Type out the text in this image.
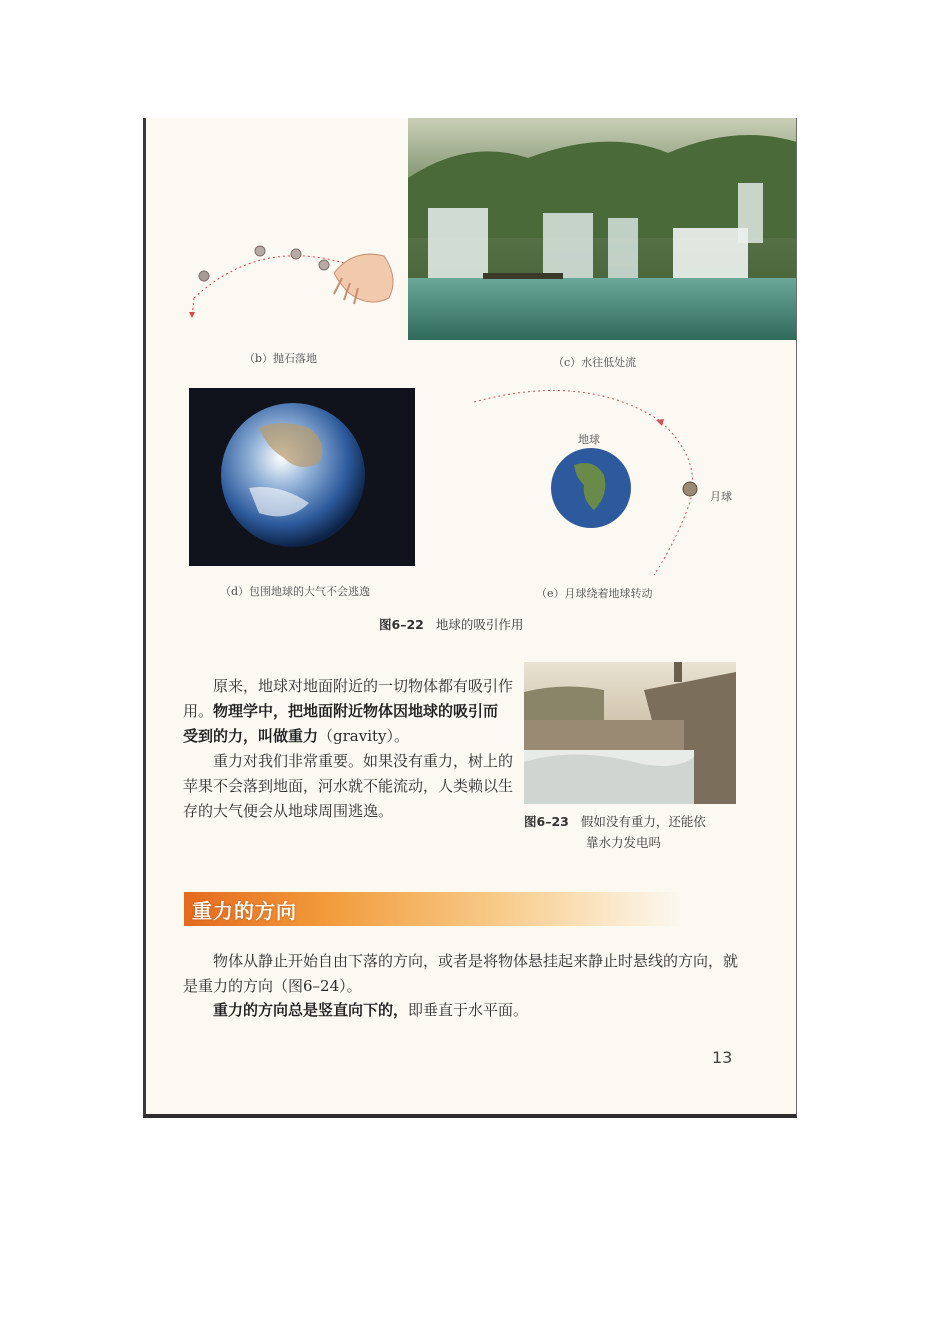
（b）抛石落地	（c）水往低处流
（d）包围地球的大气不会逃逸
地球
月球
（e）月球绕着地球转动
图6–22 地球的吸引作用
原来，地球对地面附近的一切物体都有吸引作用。物理学中，把地面附近物体因地球的吸引而受到的力，叫做重力（gravity）。
重力对我们非常重要。如果没有重力，树上的苹果不会落到地面，河水就不能流动，人类赖以生存的大气便会从地球周围逃逸。
图6–23 假如没有重力，还能依
靠水力发电吗
重力的方向
物体从静止开始自由下落的方向，或者是将物体悬挂起来静止时悬线的方向，就是重力的方向（图6–24）。
重力的方向总是竖直向下的，即垂直于水平面。
13
